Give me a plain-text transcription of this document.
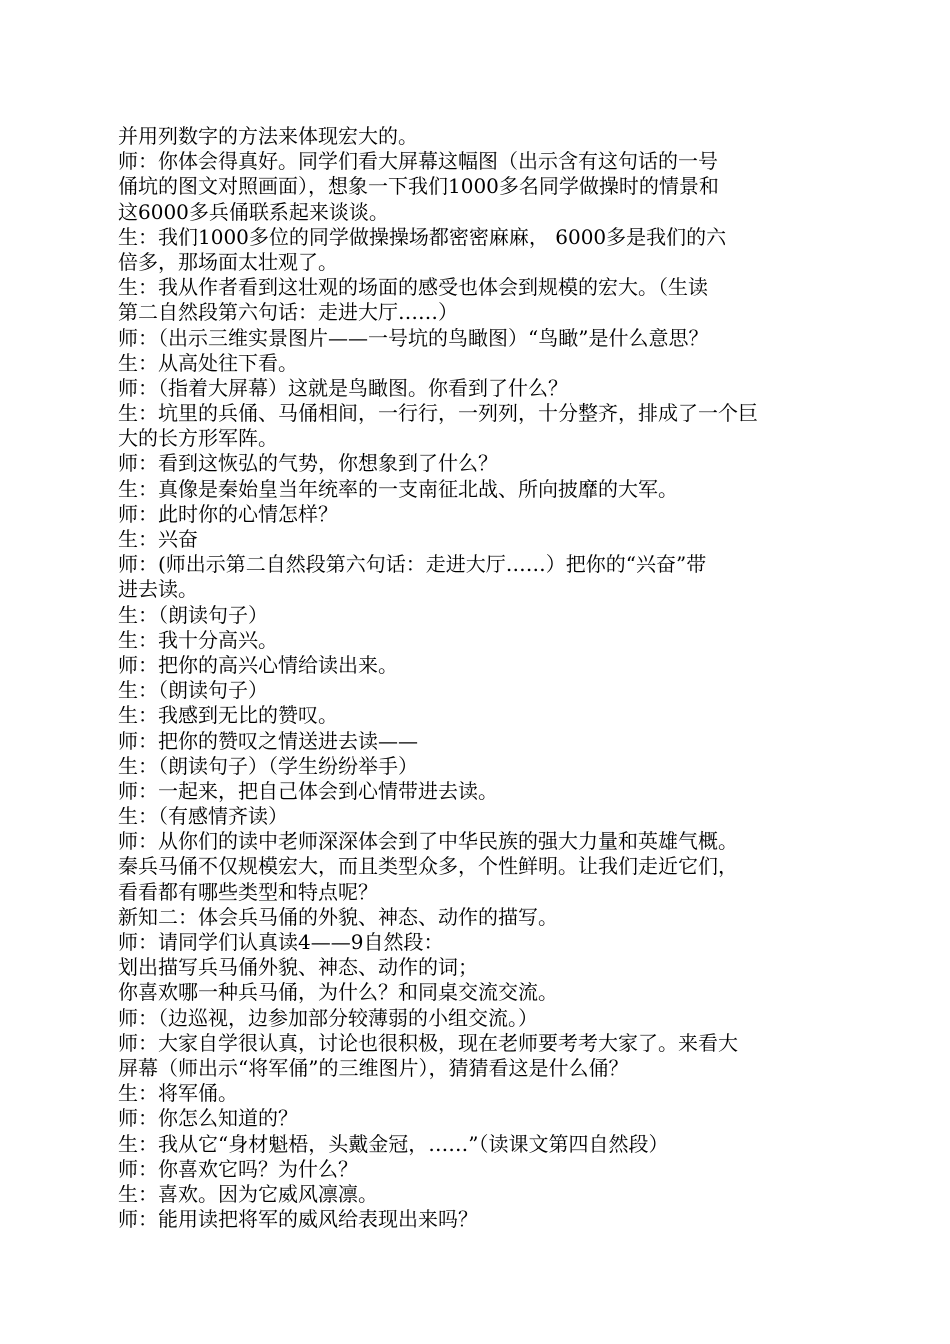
并用列数字的方法来体现宏大的。
师：你体会得真好。同学们看大屏幕这幅图（出示含有这句话的一号
俑坑的图文对照画面），想象一下我们1000多名同学做操时的情景和
这6000多兵俑联系起来谈谈。
生：我们1000多位的同学做操操场都密密麻麻， 6000多是我们的六
倍多，那场面太壮观了。
生：我从作者看到这壮观的场面的感受也体会到规模的宏大。（生读
第二自然段第六句话：走进大厅……）
师：（出示三维实景图片——一号坑的鸟瞰图）“鸟瞰”是什么意思？
生：从高处往下看。
师：（指着大屏幕）这就是鸟瞰图。你看到了什么？
生：坑里的兵俑、马俑相间，一行行，一列列，十分整齐，排成了一个巨
大的长方形军阵。
师：看到这恢弘的气势，你想象到了什么？
生：真像是秦始皇当年统率的一支南征北战、所向披靡的大军。
师：此时你的心情怎样？
生：兴奋
师：(师出示第二自然段第六句话：走进大厅……）把你的“兴奋”带
进去读。
生：（朗读句子）
生：我十分高兴。
师：把你的高兴心情给读出来。
生：（朗读句子）
生：我感到无比的赞叹。
师：把你的赞叹之情送进去读——
生：（朗读句子）（学生纷纷举手）
师：一起来，把自己体会到心情带进去读。
生：（有感情齐读）
师：从你们的读中老师深深体会到了中华民族的强大力量和英雄气概。
秦兵马俑不仅规模宏大，而且类型众多，个性鲜明。让我们走近它们，
看看都有哪些类型和特点呢？
新知二：体会兵马俑的外貌、神态、动作的描写。
师：请同学们认真读4——9自然段：
划出描写兵马俑外貌、神态、动作的词；
你喜欢哪一种兵马俑，为什么？和同桌交流交流。
师：（边巡视，边参加部分较薄弱的小组交流。）
师：大家自学很认真，讨论也很积极，现在老师要考考大家了。来看大
屏幕（师出示“将军俑”的三维图片），猜猜看这是什么俑？
生：将军俑。
师：你怎么知道的？
生：我从它“身材魁梧，头戴金冠，……”（读课文第四自然段）
师：你喜欢它吗？为什么？
生：喜欢。因为它威风凛凛。
师：能用读把将军的威风给表现出来吗？
